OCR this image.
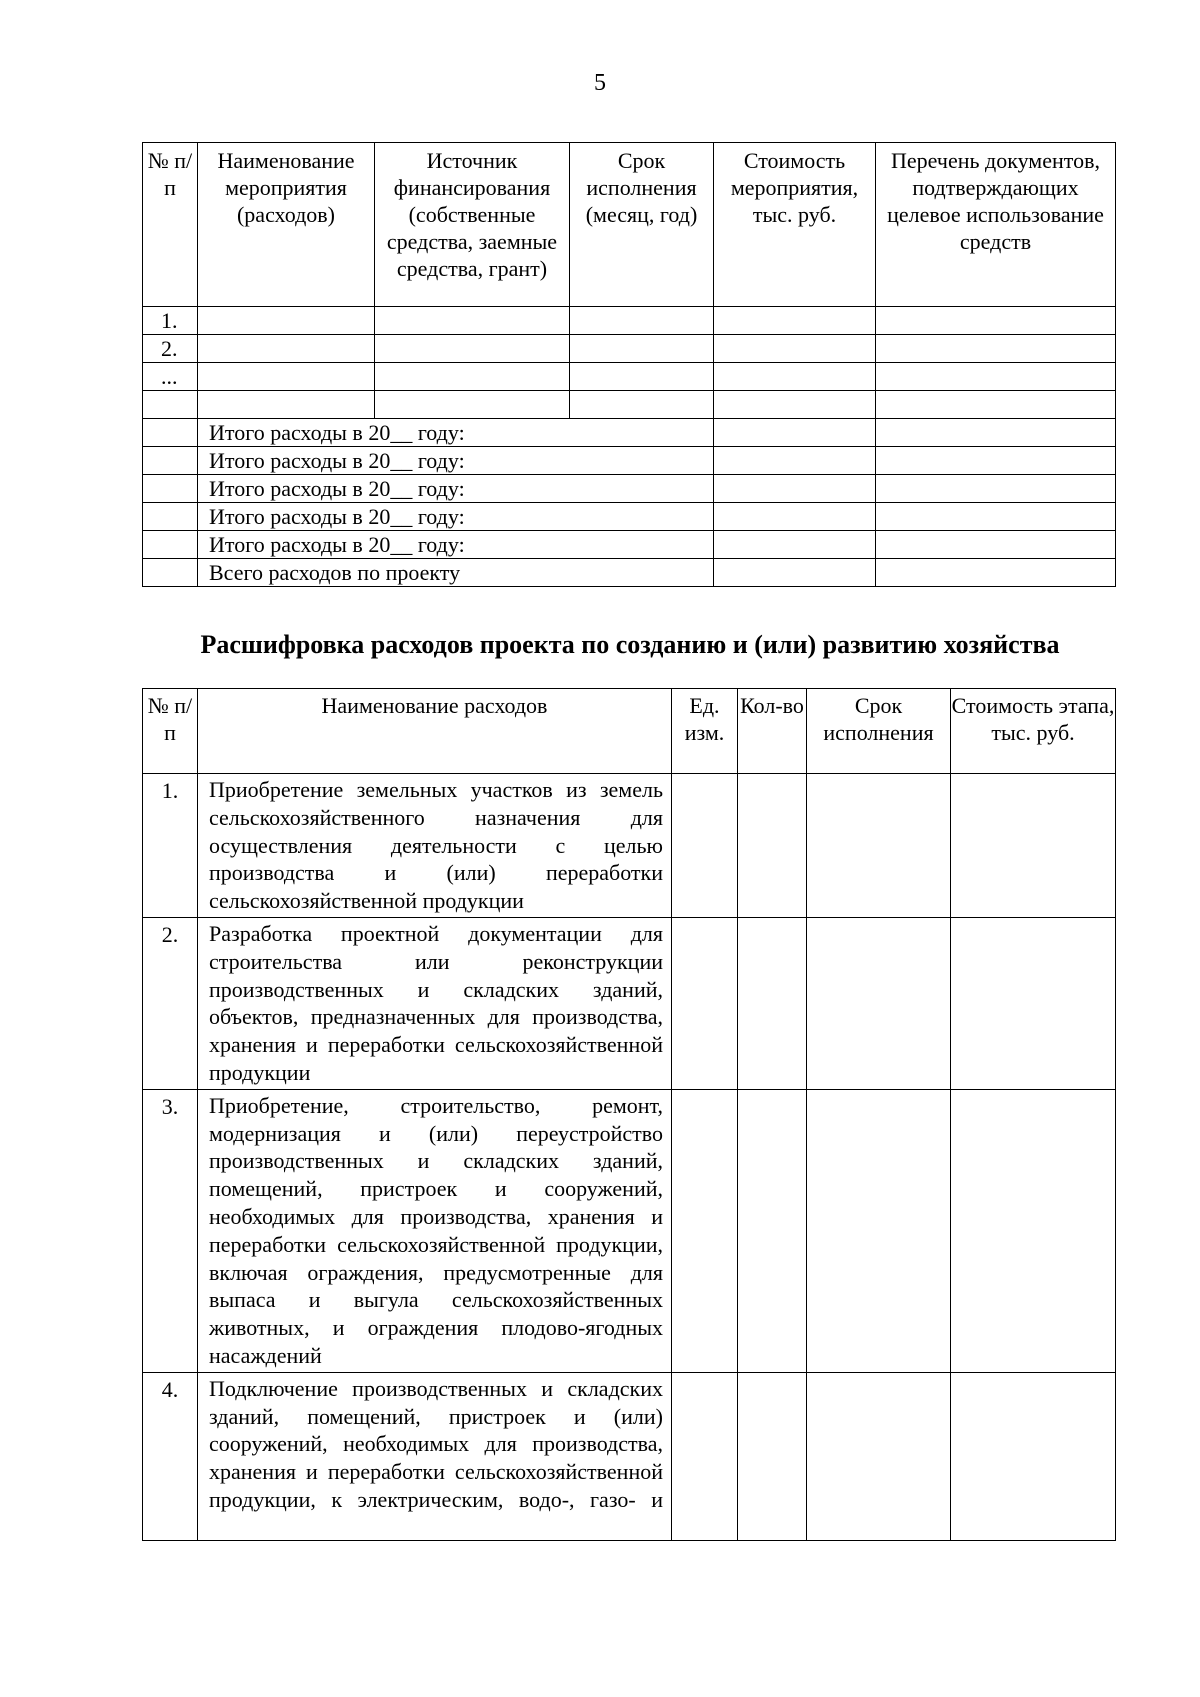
5
№ п/п	Наименование мероприятия (расходов)	Источник финансирования (собственные средства, заемные средства, грант)	Срок исполнения (месяц, год)	Стоимость мероприятия, тыс. руб.	Перечень документов, подтверждающих целевое использование средств
1.					
2.					
...					

	Итого расходы в 20__ году:				
	Итого расходы в 20__ году:				
	Итого расходы в 20__ году:				
	Итого расходы в 20__ году:				
	Итого расходы в 20__ году:				
	Всего расходов по проекту				
Расшифровка расходов проекта по созданию и (или) развитию хозяйства
№ п/п	Наименование расходов	Ед. изм.	Кол-во	Срок исполнения	Стоимость этапа, тыс. руб.
1.	Приобретение земельных участков из земель сельскохозяйственного назначения для осуществления деятельности с целью производства и (или) переработки сельскохозяйственной продукции				
2.	Разработка проектной документации для строительства или реконструкции производственных и складских зданий, объектов, предназначенных для производства, хранения и переработки сельскохозяйственной продукции				
3.	Приобретение, строительство, ремонт, модернизация и (или) переустройство производственных и складских зданий, помещений, пристроек и сооружений, необходимых для производства, хранения и переработки сельскохозяйственной продукции, включая ограждения, предусмотренные для выпаса и выгула сельскохозяйственных животных, и ограждения плодово-ягодных насаждений				
4.	Подключение производственных и складских зданий, помещений, пристроек и (или) сооружений, необходимых для производства, хранения и переработки сельскохозяйственной продукции, к электрическим, водо-, газо- и				
